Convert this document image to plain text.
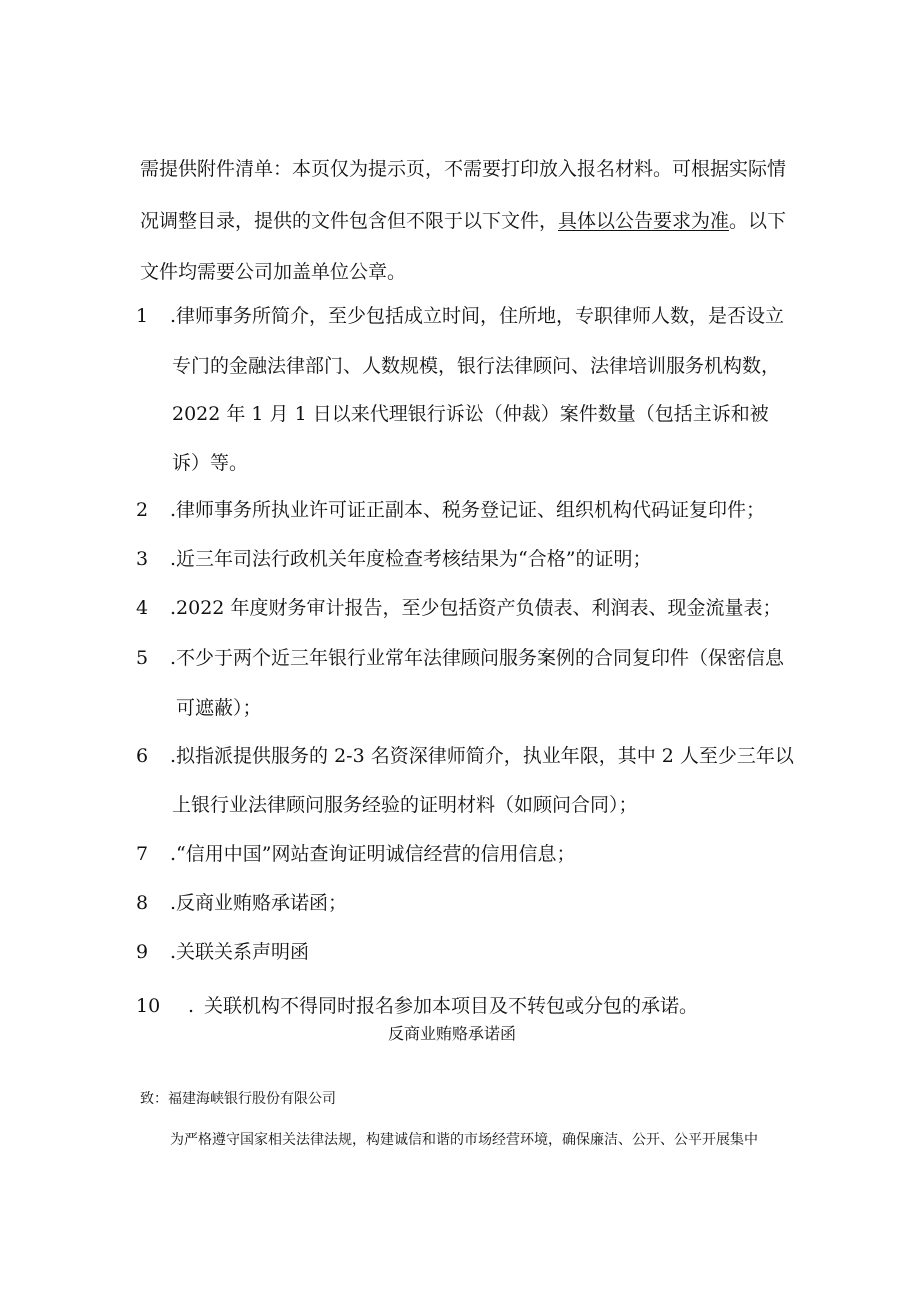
需提供附件清单：本页仅为提示页，不需要打印放入报名材料。可根据实际情
况调整目录，提供的文件包含但不限于以下文件，具体以公告要求为准。以下
文件均需要公司加盖单位公章。
1 .律师事务所简介，至少包括成立时间，住所地，专职律师人数，是否设立
专门的金融法律部门、人数规模，银行法律顾问、法律培训服务机构数，
2022 年 1 月 1 日以来代理银行诉讼（仲裁）案件数量（包括主诉和被
诉）等。
2 .律师事务所执业许可证正副本、税务登记证、组织机构代码证复印件；
3 .近三年司法行政机关年度检查考核结果为“合格”的证明；
4 .2022 年度财务审计报告，至少包括资产负债表、利润表、现金流量表；
5 .不少于两个近三年银行业常年法律顾问服务案例的合同复印件（保密信息
可遮蔽）；
6 .拟指派提供服务的 2-3 名资深律师简介，执业年限，其中 2 人至少三年以
上银行业法律顾问服务经验的证明材料（如顾问合同）；
7 .“信用中国”网站查询证明诚信经营的信用信息；
8 .反商业贿赂承诺函；
9 .关联关系声明函
10 . 关联机构不得同时报名参加本项目及不转包或分包的承诺。
反商业贿赂承诺函
致：福建海峡银行股份有限公司
为严格遵守国家相关法律法规，构建诚信和谐的市场经营环境，确保廉洁、公开、公平开展集中
